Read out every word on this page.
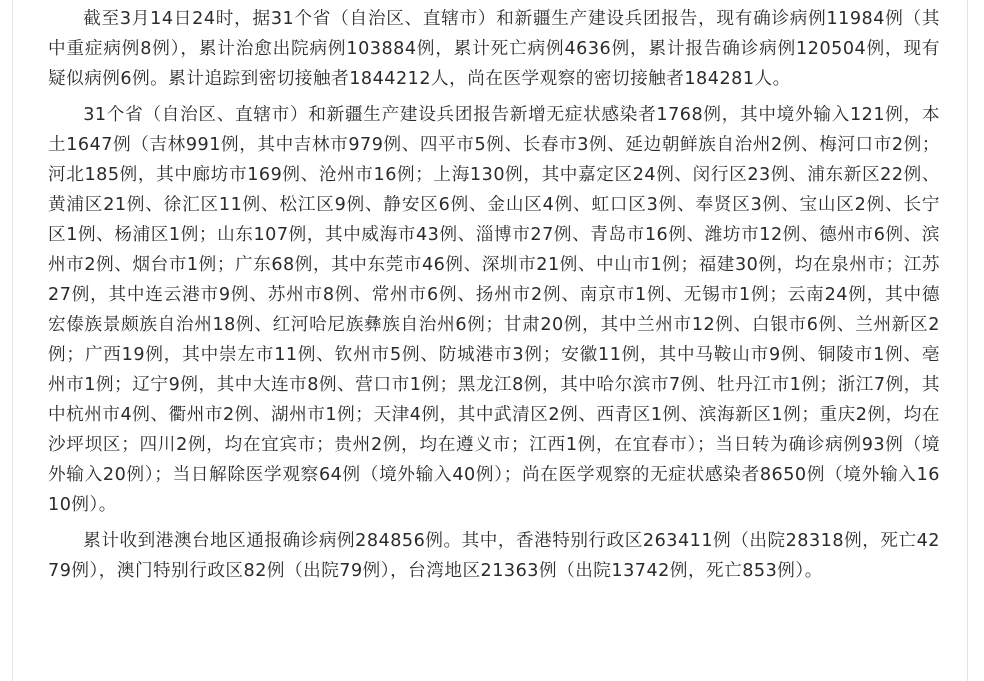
截至3月14日24时，据31个省（自治区、直辖市）和新疆生产建设兵团报告，现有确诊病例11984例（其中重症病例8例），累计治愈出院病例103884例，累计死亡病例4636例，累计报告确诊病例120504例，现有疑似病例6例。累计追踪到密切接触者1844212人，尚在医学观察的密切接触者184281人。

31个省（自治区、直辖市）和新疆生产建设兵团报告新增无症状感染者1768例，其中境外输入121例，本土1647例（吉林991例，其中吉林市979例、四平市5例、长春市3例、延边朝鲜族自治州2例、梅河口市2例；河北185例，其中廊坊市169例、沧州市16例；上海130例，其中嘉定区24例、闵行区23例、浦东新区22例、黄浦区21例、徐汇区11例、松江区9例、静安区6例、金山区4例、虹口区3例、奉贤区3例、宝山区2例、长宁区1例、杨浦区1例；山东107例，其中威海市43例、淄博市27例、青岛市16例、潍坊市12例、德州市6例、滨州市2例、烟台市1例；广东68例，其中东莞市46例、深圳市21例、中山市1例；福建30例，均在泉州市；江苏27例，其中连云港市9例、苏州市8例、常州市6例、扬州市2例、南京市1例、无锡市1例；云南24例，其中德宏傣族景颇族自治州18例、红河哈尼族彝族自治州6例；甘肃20例，其中兰州市12例、白银市6例、兰州新区2例；广西19例，其中崇左市11例、钦州市5例、防城港市3例；安徽11例，其中马鞍山市9例、铜陵市1例、亳州市1例；辽宁9例，其中大连市8例、营口市1例；黑龙江8例，其中哈尔滨市7例、牡丹江市1例；浙江7例，其中杭州市4例、衢州市2例、湖州市1例；天津4例，其中武清区2例、西青区1例、滨海新区1例；重庆2例，均在沙坪坝区；四川2例，均在宜宾市；贵州2例，均在遵义市；江西1例，在宜春市）；当日转为确诊病例93例（境外输入20例）；当日解除医学观察64例（境外输入40例）；尚在医学观察的无症状感染者8650例（境外输入1610例）。

累计收到港澳台地区通报确诊病例284856例。其中，香港特别行政区263411例（出院28318例，死亡4279例），澳门特别行政区82例（出院79例），台湾地区21363例（出院13742例，死亡853例）。
